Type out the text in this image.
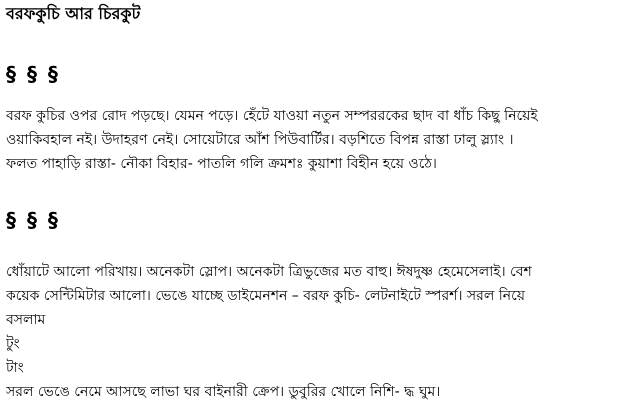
বরফকুচি আর চিরকুট
§ § §
বরফ কুচির ওপর রোদ পড়ছে। যেমন পড়ে। হেঁটে যাওয়া নতুন সম্পররকের ছাদ বা ধাঁচ কিছু নিয়েই
ওয়াকিবহাল নই। উদাহরণ নেই। সোয়েটারে আঁশ পিউবার্টির। বড়শিতে বিপন্ন রাস্তা ঢালু স্ল্যাং ।
ফলত পাহাড়ি রাস্তা- নৌকা বিহার- পাতলি গলি ক্রমশঃ কুয়াশা বিহীন হয়ে ওঠে।
§ § §
ধোঁয়াটে আলো পরিখায়। অনেকটা স্লোপ। অনেকটা ত্রিভুজের মত বাহু। ঈষদুষ্ণ হেমেসেলাই। বেশ
কয়েক সেন্টিমিটার আলো। ভেঙে যাচ্ছে ডাইমেনশন – বরফ কুচি- লেটনাইটে স্পরর্শ। সরল নিয়ে
বসলাম
টুং
টাং
সরল ভেঙে নেমে আসছে লাভা ঘর বাইনারী ক্রেপ। ডুবুরির খোলে নিশি- দ্ধ ঘুম।
